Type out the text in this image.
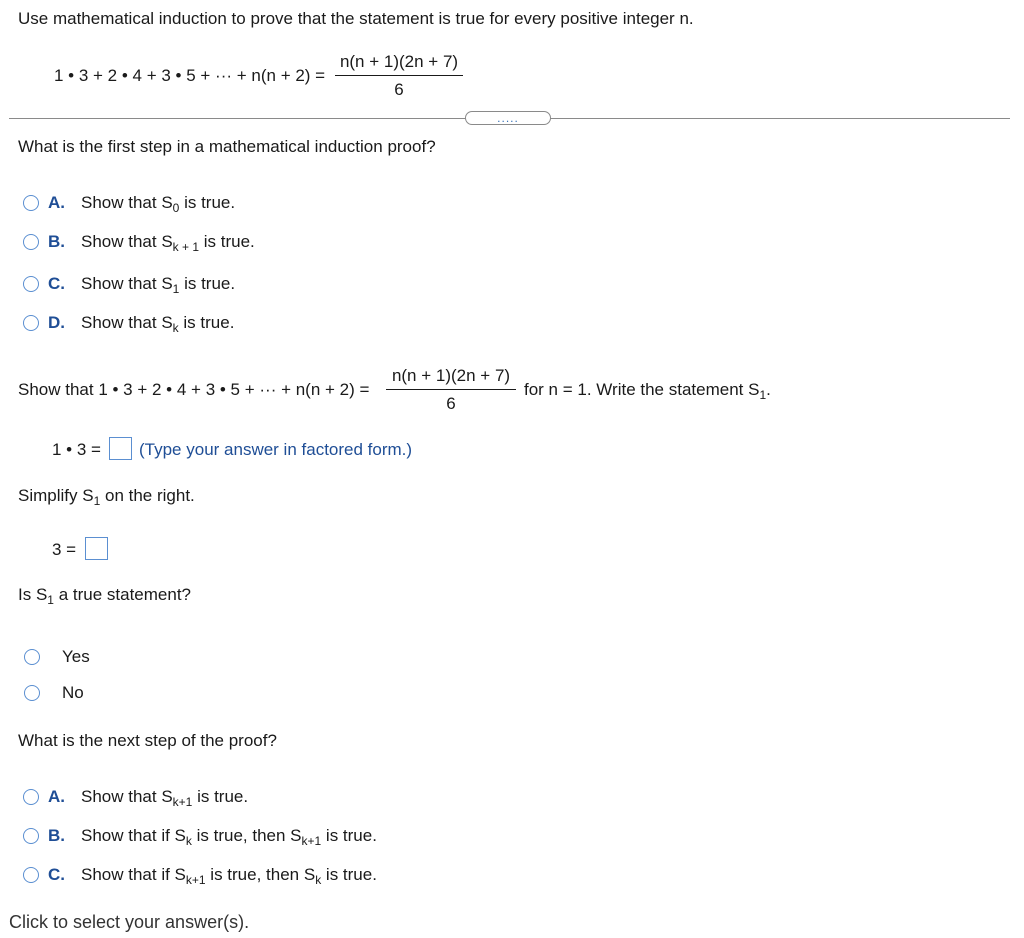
Use mathematical induction to prove that the statement is true for every positive integer n.
1 • 3 + 2 • 4 + 3 • 5 + ··· + n(n + 2) =
n(n + 1)(2n + 7)
6
.....
What is the first step in a mathematical induction proof?
A. Show that $S_0$ is true.
B. Show that $S_{k + 1}$ is true.
C. Show that $S_1$ is true.
D. Show that $S_k$ is true.
Show that 1 • 3 + 2 • 4 + 3 • 5 + ··· + n(n + 2) =
n(n + 1)(2n + 7)
6
for n = 1. Write the statement $S_1$.
1 • 3 = (Type your answer in factored form.)
Simplify $S_1$ on the right.
3 =
Is $S_1$ a true statement?
Yes
No
What is the next step of the proof?
A. Show that $S_{k+1}$ is true.
B. Show that if $S_k$ is true, then $S_{k+1}$ is true.
C. Show that if $S_{k+1}$ is true, then $S_k$ is true.
Click to select your answer(s).
